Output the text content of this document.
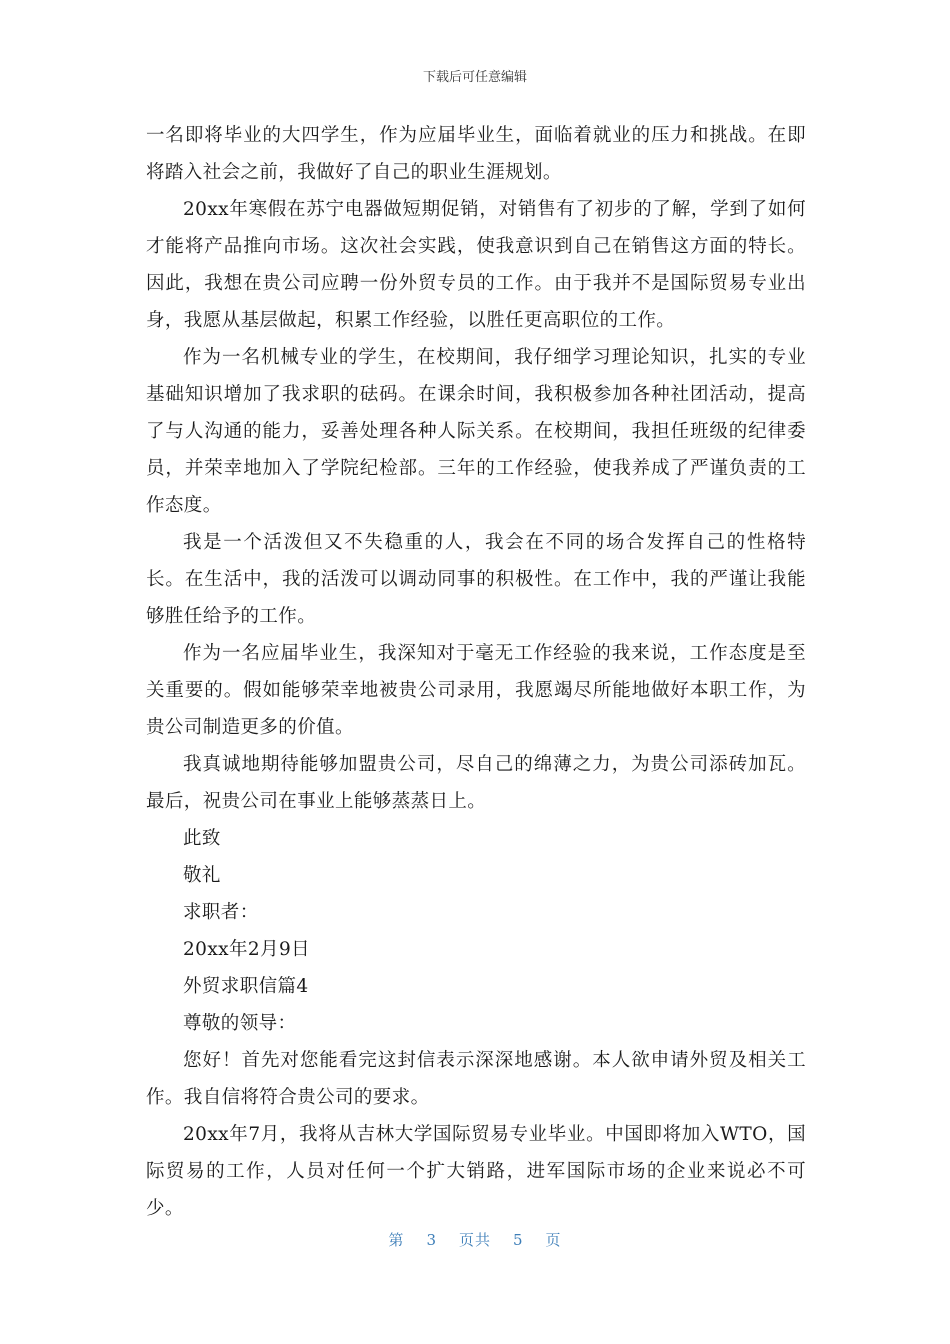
下载后可任意编辑

一名即将毕业的大四学生，作为应届毕业生，面临着就业的压力和挑战。在即将踏入社会之前，我做好了自己的职业生涯规划。

20xx年寒假在苏宁电器做短期促销，对销售有了初步的了解，学到了如何才能将产品推向市场。这次社会实践，使我意识到自己在销售这方面的特长。因此，我想在贵公司应聘一份外贸专员的工作。由于我并不是国际贸易专业出身，我愿从基层做起，积累工作经验，以胜任更高职位的工作。

作为一名机械专业的学生，在校期间，我仔细学习理论知识，扎实的专业基础知识增加了我求职的砝码。在课余时间，我积极参加各种社团活动，提高了与人沟通的能力，妥善处理各种人际关系。在校期间，我担任班级的纪律委员，并荣幸地加入了学院纪检部。三年的工作经验，使我养成了严谨负责的工作态度。

我是一个活泼但又不失稳重的人，我会在不同的场合发挥自己的性格特长。在生活中，我的活泼可以调动同事的积极性。在工作中，我的严谨让我能够胜任给予的工作。

作为一名应届毕业生，我深知对于毫无工作经验的我来说，工作态度是至关重要的。假如能够荣幸地被贵公司录用，我愿竭尽所能地做好本职工作，为贵公司制造更多的价值。

我真诚地期待能够加盟贵公司，尽自己的绵薄之力，为贵公司添砖加瓦。最后，祝贵公司在事业上能够蒸蒸日上。

此致

敬礼

求职者：

20xx年2月9日

外贸求职信篇4

尊敬的领导：

您好！首先对您能看完这封信表示深深地感谢。本人欲申请外贸及相关工作。我自信将符合贵公司的要求。

20xx年7月，我将从吉林大学国际贸易专业毕业。中国即将加入WTO，国际贸易的工作，人员对任何一个扩大销路，进军国际市场的企业来说必不可少。

第 3 页共 5 页
